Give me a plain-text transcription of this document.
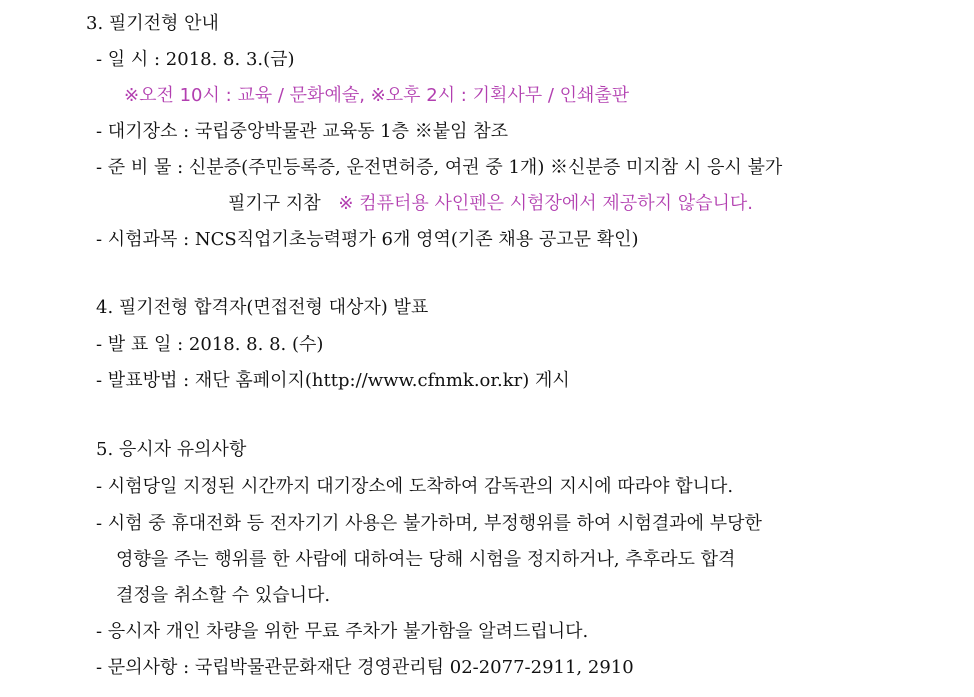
3. 필기전형 안내
- 일 시 : 2018. 8. 3.(금)
※오전 10시 : 교육 / 문화예술, ※오후 2시 : 기획사무 / 인쇄출판
- 대기장소 : 국립중앙박물관 교육동 1층 ※붙임 참조
- 준 비 물 : 신분증(주민등록증, 운전면허증, 여권 중 1개) ※신분증 미지참 시 응시 불가
필기구 지참 ※ 컴퓨터용 사인펜은 시험장에서 제공하지 않습니다.
- 시험과목 : NCS직업기초능력평가 6개 영역(기존 채용 공고문 확인)
4. 필기전형 합격자(면접전형 대상자) 발표
- 발 표 일 : 2018. 8. 8. (수)
- 발표방법 : 재단 홈페이지(http://www.cfnmk.or.kr) 게시
5. 응시자 유의사항
- 시험당일 지정된 시간까지 대기장소에 도착하여 감독관의 지시에 따라야 합니다.
- 시험 중 휴대전화 등 전자기기 사용은 불가하며, 부정행위를 하여 시험결과에 부당한
영향을 주는 행위를 한 사람에 대하여는 당해 시험을 정지하거나, 추후라도 합격
결정을 취소할 수 있습니다.
- 응시자 개인 차량을 위한 무료 주차가 불가함을 알려드립니다.
- 문의사항 : 국립박물관문화재단 경영관리팀 02-2077-2911, 2910
